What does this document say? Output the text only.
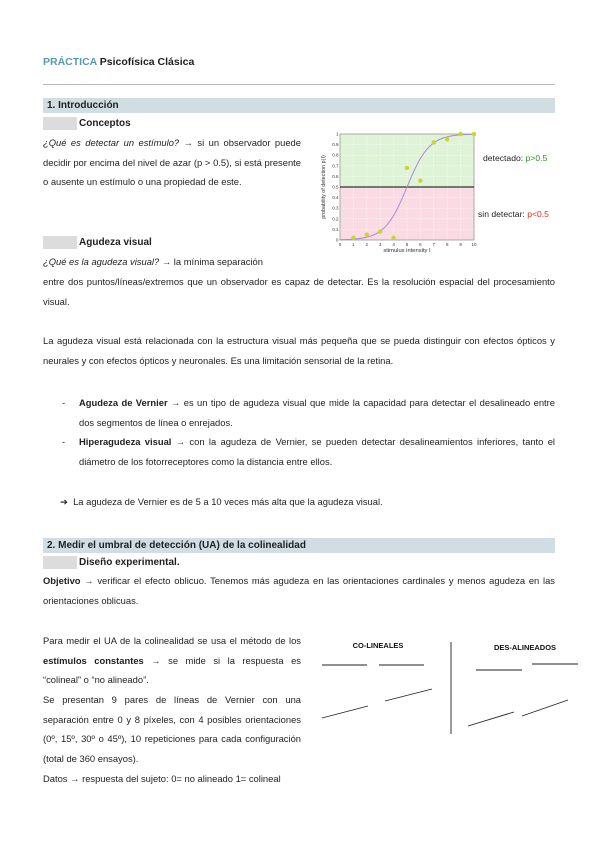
PRÁCTICA Psicofísica Clásica
1. Introducción
Conceptos
¿Qué es detectar un estímulo? → si un observador puede decidir por encima del nivel de azar (p > 0.5), si está presente o ausente un estímulo o una propiedad de este.
0 1 2 3 4 5 6 7 8 9 10
0
0.1
0.2
0.3
0.4
0.5
0.6
0.7
0.8
0.9
1
stimulus intensity I
probability of detection p(I)	detectado: p>0.5
sin detectar: p<0.5
Agudeza visual
¿Qué es la agudeza visual? → la mínima separación
entre dos puntos/líneas/extremos que un observador es capaz de detectar. Es la resolución espacial del procesamiento visual.
La agudeza visual está relacionada con la estructura visual más pequeña que se pueda distinguir con efectos ópticos y neurales y con efectos ópticos y neuronales. Es una limitación sensorial de la retina.
- Agudeza de Vernier → es un tipo de agudeza visual que mide la capacidad para detectar el desalineado entre dos segmentos de línea o enrejados.
- Hiperagudeza visual → con la agudeza de Vernier, se pueden detectar desalineamientos inferiores, tanto el diámetro de los fotorreceptores como la distancia entre ellos.
➔ La agudeza de Vernier es de 5 a 10 veces más alta que la agudeza visual.
2. Medir el umbral de detección (UA) de la colinealidad
Diseño experimental.
Objetivo → verificar el efecto oblicuo. Tenemos más agudeza en las orientaciones cardinales y menos agudeza en las orientaciones oblicuas.
Para medir el UA de la colinealidad se usa el método de los estímulos constantes → se mide si la respuesta es “colineal” o “no alineado”.
Se presentan 9 pares de líneas de Vernier con una separación entre 0 y 8 píxeles, con 4 posibles orientaciones (0º, 15º, 30º o 45º), 10 repeticiones para cada configuración (total de 360 ensayos).
Datos → respuesta del sujeto: 0= no alineado 1= colineal
CO-LINEALES	DES-ALINEADOS
